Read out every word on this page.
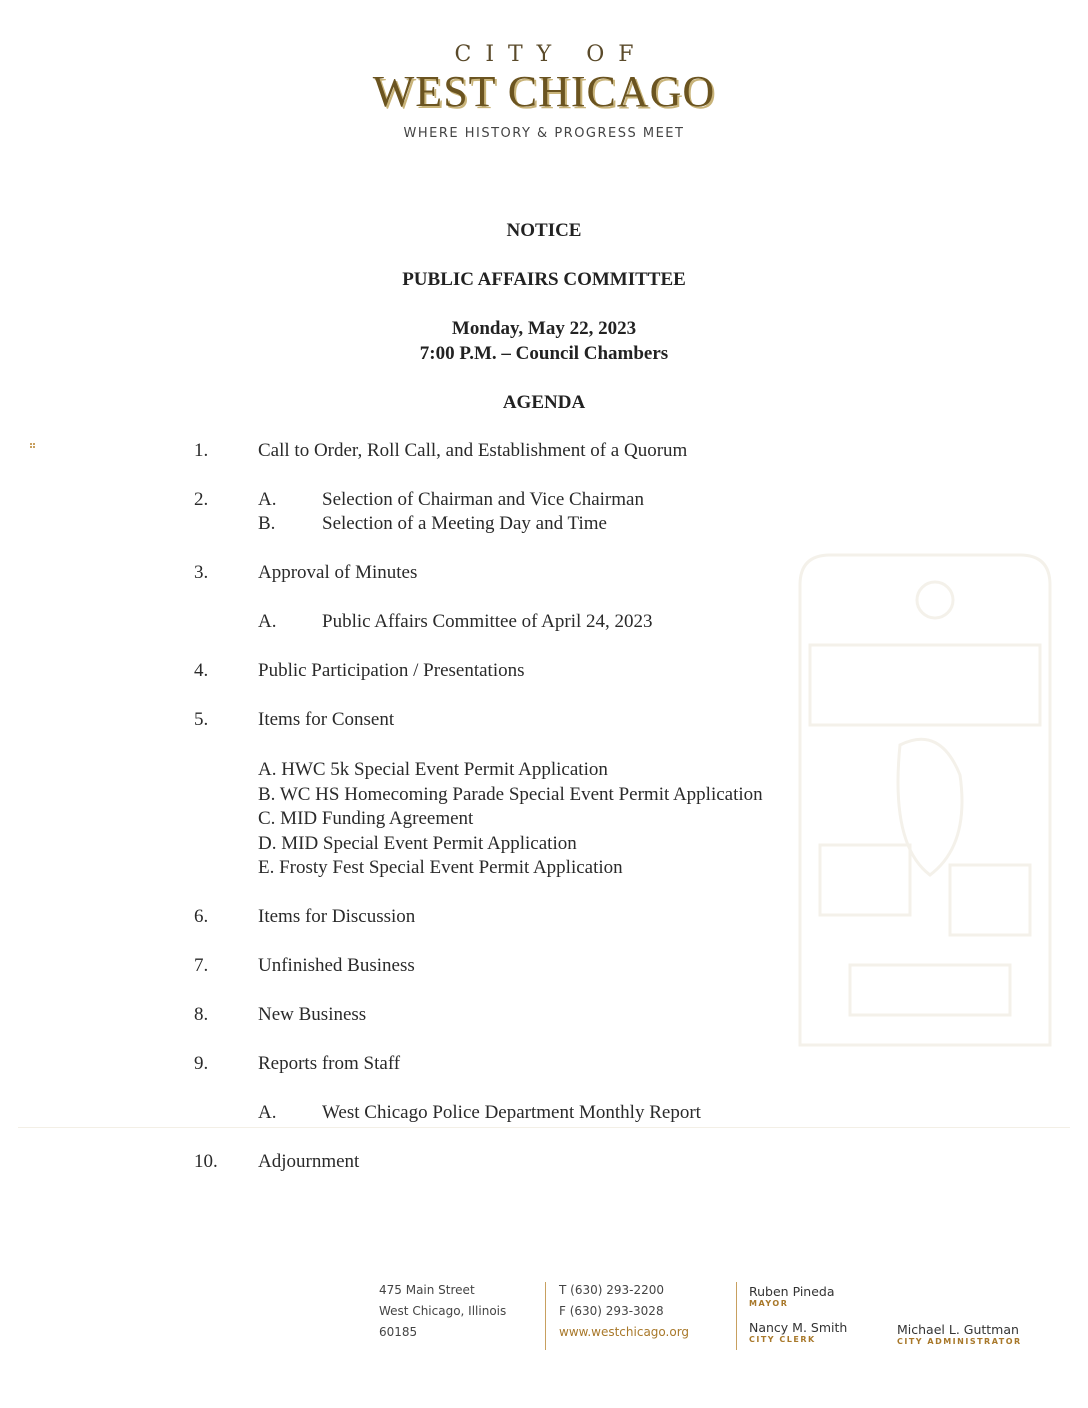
CITY OF
WEST CHICAGO
WHERE HISTORY & PROGRESS MEET
NOTICE
PUBLIC AFFAIRS COMMITTEE
Monday, May 22, 2023
7:00 P.M. – Council Chambers
AGENDA
1.	Call to Order, Roll Call, and Establishment of a Quorum
2.	A. Selection of Chairman and Vice Chairman
B. Selection of a Meeting Day and Time
3.	Approval of Minutes
A. Public Affairs Committee of April 24, 2023
4.	Public Participation / Presentations
5.	Items for Consent
A. HWC 5k Special Event Permit Application
B. WC HS Homecoming Parade Special Event Permit Application
C. MID Funding Agreement
D. MID Special Event Permit Application
E. Frosty Fest Special Event Permit Application
6.	Items for Discussion
7.	Unfinished Business
8.	New Business
9.	Reports from Staff
A. West Chicago Police Department Monthly Report
10. Adjournment
475 Main Street
West Chicago, Illinois
60185
T (630) 293-2200
F (630) 293-3028
www.westchicago.org
Ruben Pineda
MAYOR
Nancy M. Smith
CITY CLERK
Michael L. Guttman
CITY ADMINISTRATOR
